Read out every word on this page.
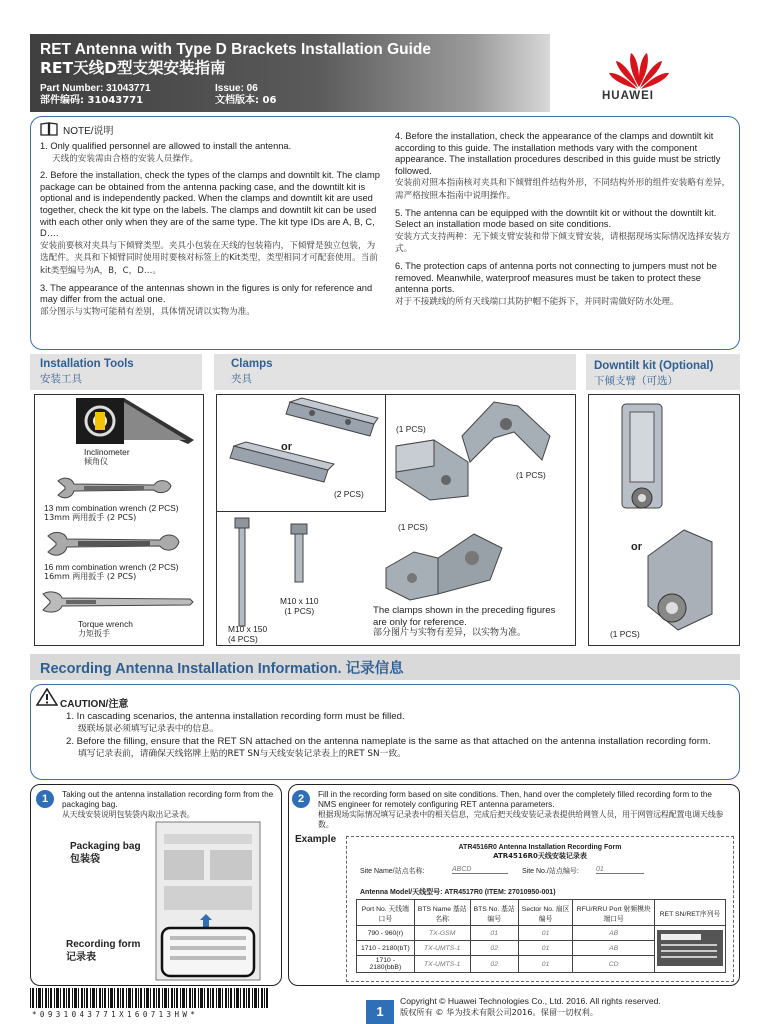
RET Antenna with Type D Brackets Installation Guide
RET天线D型支架安装指南
Part Number: 31043771
部件编码: 31043771
Issue: 06
文档版本: 06	HUAWEI
NOTE/说明

1. Only qualified personnel are allowed to install the antenna.
天线的安装需由合格的安装人员操作。

2. Before the installation, check the types of the clamps and downtilt kit. The clamp package can be obtained from the antenna packing case, and the downtilt kit is optional and is independently packed. When the clamps and downtilt kit are used together, check the kit type on the labels. The clamps and downtilt kit can be used with each other only when they are of the same type. The kit type IDs are A, B, C, D….
安装前要核对夹具与下倾臂类型。夹具小包装在天线的包装箱内，下倾臂是独立包装，为选配件。夹具和下倾臂同时使用时要核对标签上的Kit类型，类型相同才可配套使用。当前kit类型编号为A，B，C，D…。

3. The appearance of the antennas shown in the figures is only for reference and may differ from the actual one.
部分图示与实物可能稍有差别，具体情况请以实物为准。

4. Before the installation, check the appearance of the clamps and downtilt kit according to this guide. The installation methods vary with the component appearance. The installation procedures described in this guide must be strictly followed.
安装前对照本指南核对夹具和下倾臂组件结构外形，不同结构外形的组件安装略有差异，需严格按照本指南中说明操作。

5. The antenna can be equipped with the downtilt kit or without the downtilt kit. Select an installation mode based on site conditions.
安装方式支持两种：无下倾支臂安装和带下倾支臂安装，请根据现场实际情况选择安装方式。

6. The protection caps of antenna ports not connecting to jumpers must not be removed. Meanwhile, waterproof measures must be taken to protect these antenna ports.
对于不接跳线的所有天线端口其防护帽不能拆下，并同时需做好防水处理。

Installation Tools
安装工具
Clamps
夹具
Downtilt kit (Optional)
下倾支臂（可选）
Inclinometer
倾角仪
13 mm combination wrench (2 PCS)
13mm 两用扳手 (2 PCS)
16 mm combination wrench (2 PCS)
16mm 两用扳手 (2 PCS)
Torque wrench
力矩扳手
or
(2 PCS)
(1 PCS)
(1 PCS)
M10 x 110
(1 PCS)
M10 x 150
(4 PCS)
(1 PCS)
The clamps shown in the preceding figures are only for reference.
部分图片与实物有差异，以实物为准。
or
(1 PCS)
Recording Antenna Installation Information. 记录信息
CAUTION/注意
1. In cascading scenarios, the antenna installation recording form must be filled.
级联场景必须填写记录表中的信息。
2. Before the filling, ensure that the RET SN attached on the antenna nameplate is the same as that attached on the antenna installation recording form.
填写记录表前，请确保天线铭牌上贴的RET SN与天线安装记录表上的RET SN一致。
1	Taking out the antenna installation recording form from the packaging bag.
从天线安装说明包装袋内取出记录表。
Packaging bag
包装袋
Recording form
记录表
2	Fill in the recording form based on site conditions. Then, hand over the completely filled recording form to the NMS engineer for remotely configuring RET antenna parameters.
根据现场实际情况填写记录表中的相关信息，完成后把天线安装记录表提供给网管人员，用于网管远程配置电调天线参数。
Example
ATR4516R0 Antenna Installation Recording Form
ATR4516R0天线安装记录表
Site Name/站点名称:	ABCD	Site No./站点编号: 01
Antenna Model/天线型号: ATR4517R0 (ITEM: 27010950-001)
Port No. 天线端口号	BTS Name 基站名称	BTS No. 基站编号	Sector No. 扇区编号	RFU/RRU Port 射频模块端口号	RET SN/RET序列号
790 - 960(r)	TX-GSM	01	01	AB	
1710 - 2180(bT)	TX-UMTS-1	02	01	AB	
1710 - 2180(bbB)	TX-UMTS-1	02	01	CD	
*0931043771X160713HW*	1
Copyright © Huawei Technologies Co., Ltd. 2016. All rights reserved.
版权所有 © 华为技术有限公司2016。保留一切权利。
